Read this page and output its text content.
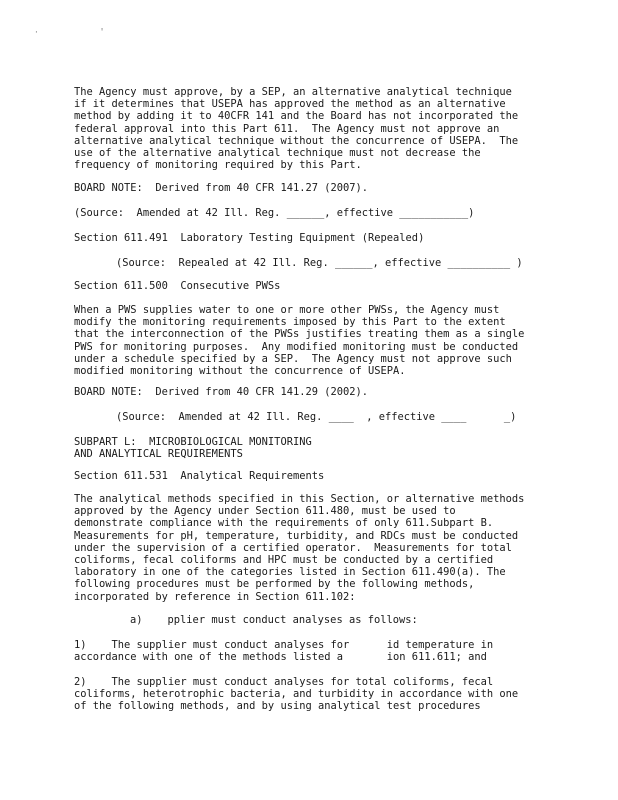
· '
The Agency must approve, by a SEP, an alternative analytical technique
if it determines that USEPA has approved the method as an alternative
method by adding it to 40CFR 141 and the Board has not incorporated the
federal approval into this Part 611.  The Agency must not approve an
alternative analytical technique without the concurrence of USEPA.  The
use of the alternative analytical technique must not decrease the
frequency of monitoring required by this Part.
BOARD NOTE:  Derived from 40 CFR 141.27 (2007).
(Source:  Amended at 42 Ill. Reg. ______, effective ___________)
Section 611.491  Laboratory Testing Equipment (Repealed)
(Source:  Repealed at 42 Ill. Reg. ______, effective __________ )
Section 611.500  Consecutive PWSs
When a PWS supplies water to one or more other PWSs, the Agency must
modify the monitoring requirements imposed by this Part to the extent
that the interconnection of the PWSs justifies treating them as a single
PWS for monitoring purposes.  Any modified monitoring must be conducted
under a schedule specified by a SEP.  The Agency must not approve such
modified monitoring without the concurrence of USEPA.
BOARD NOTE:  Derived from 40 CFR 141.29 (2002).
(Source:  Amended at 42 Ill. Reg. ____  , effective ____      _)
SUBPART L:  MICROBIOLOGICAL MONITORING
AND ANALYTICAL REQUIREMENTS
Section 611.531  Analytical Requirements
The analytical methods specified in this Section, or alternative methods
approved by the Agency under Section 611.480, must be used to
demonstrate compliance with the requirements of only 611.Subpart B.
Measurements for pH, temperature, turbidity, and RDCs must be conducted
under the supervision of a certified operator.  Measurements for total
coliforms, fecal coliforms and HPC must be conducted by a certified
laboratory in one of the categories listed in Section 611.490(a). The
following procedures must be performed by the following methods,
incorporated by reference in Section 611.102:
a)    pplier must conduct analyses as follows:
1)    The supplier must conduct analyses for      id temperature in
accordance with one of the methods listed a       ion 611.611; and
2)    The supplier must conduct analyses for total coliforms, fecal
coliforms, heterotrophic bacteria, and turbidity in accordance with one
of the following methods, and by using analytical test procedures
